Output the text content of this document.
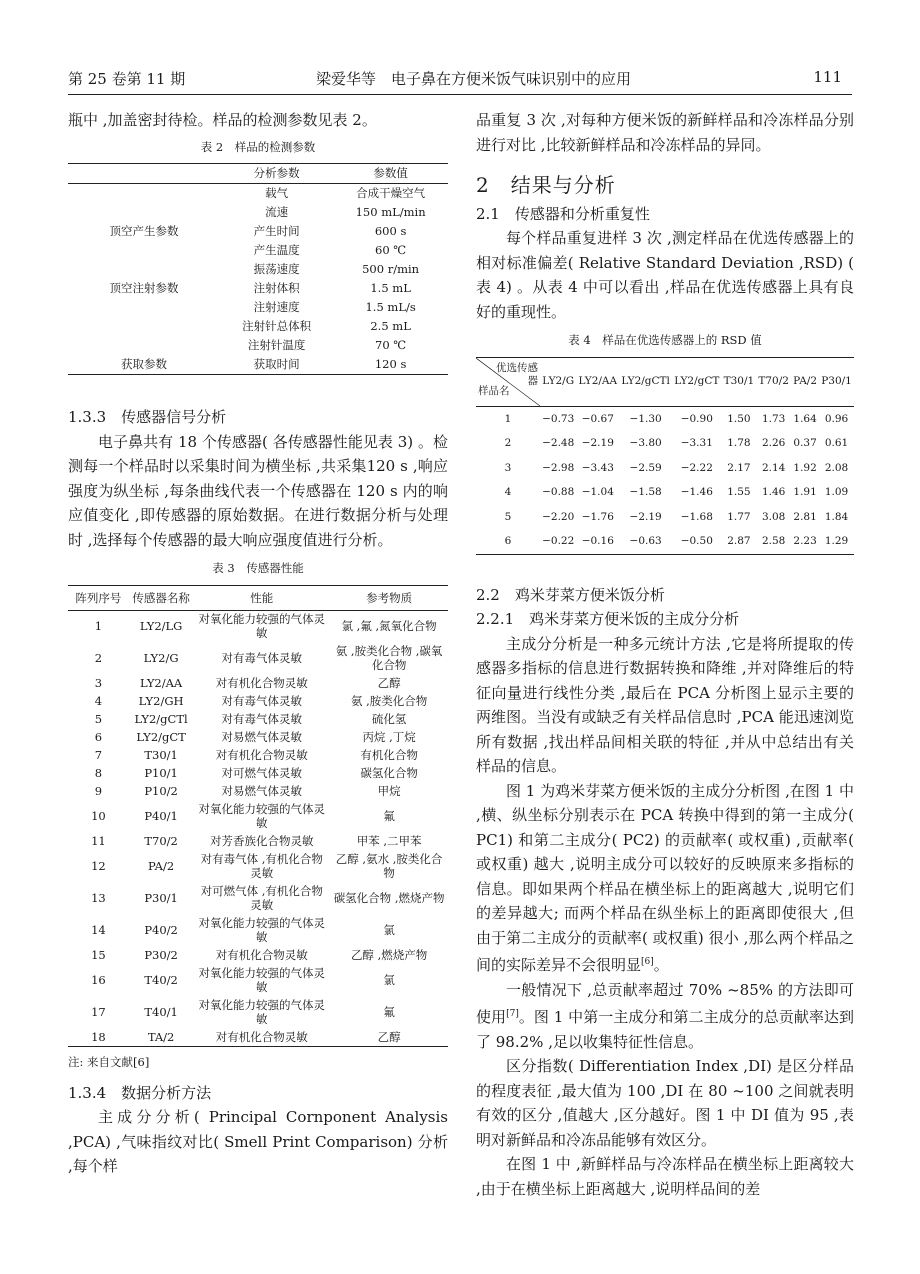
第 25 卷第 11 期	梁爱华等　电子鼻在方便米饭气味识别中的应用	111

瓶中 ,加盖密封待检。样品的检测参数见表 2。

表 2　样品的检测参数
	分析参数	参数值
	载气	合成干燥空气
	流速	150 mL/min
顶空产生参数	产生时间	600 s
	产生温度	60 ℃
	振荡速度	500 r/min
顶空注射参数	注射体积	1.5 mL
	注射速度	1.5 mL/s
	注射针总体积	2.5 mL
	注射针温度	70 ℃
获取参数	获取时间	120 s
1.3.3　传感器信号分析

电子鼻共有 18 个传感器( 各传感器性能见表 3) 。检测每一个样品时以采集时间为横坐标 ,共采集120 s ,响应强度为纵坐标 ,每条曲线代表一个传感器在 120 s 内的响应值变化 ,即传感器的原始数据。在进行数据分析与处理时 ,选择每个传感器的最大响应强度值进行分析。

表 3　传感器性能
阵列序号	传感器名称	性能	参考物质
1	LY2/LG	对氧化能力较强的气体灵敏	氯 ,氟 ,氮氧化合物
2	LY2/G	对有毒气体灵敏	氨 ,胺类化合物 ,碳氧化合物
3	LY2/AA	对有机化合物灵敏	乙醇
4	LY2/GH	对有毒气体灵敏	氨 ,胺类化合物
5	LY2/gCTl	对有毒气体灵敏	硫化氢
6	LY2/gCT	对易燃气体灵敏	丙烷 ,丁烷
7	T30/1	对有机化合物灵敏	有机化合物
8	P10/1	对可燃气体灵敏	碳氢化合物
9	P10/2	对易燃气体灵敏	甲烷
10	P40/1	对氧化能力较强的气体灵敏	氟
11	T70/2	对芳香族化合物灵敏	甲苯 ,二甲苯
12	PA/2	对有毒气体 ,有机化合物灵敏	乙醇 ,氨水 ,胺类化合物
13	P30/1	对可燃气体 ,有机化合物灵敏	碳氢化合物 ,燃烧产物
14	P40/2	对氧化能力较强的气体灵敏	氯
15	P30/2	对有机化合物灵敏	乙醇 ,燃烧产物
16	T40/2	对氧化能力较强的气体灵敏	氯
17	T40/1	对氧化能力较强的气体灵敏	氟
18	TA/2	对有机化合物灵敏	乙醇
注: 来自文献[6]
1.3.4　数据分析方法

主成分分析( Principal Cornponent Analysis ,PCA) ,气味指纹对比( Smell Print Comparison) 分析 ,每个样

品重复 3 次 ,对每种方便米饭的新鲜样品和冷冻样品分别进行对比 ,比较新鲜样品和冷冻样品的异同。

2　结果与分析
2.1　传感器和分析重复性

每个样品重复进样 3 次 ,测定样品在优选传感器上的相对标准偏差( Relative Standard Deviation ,RSD) ( 表 4) 。从表 4 中可以看出 ,样品在优选传感器上具有良好的重现性。

表 4　样品在优选传感器上的 RSD 值
优选传感器
样品名	LY2/G	LY2/AA	LY2/gCTl	LY2/gCT	T30/1	T70/2	PA/2	P30/1
1	−0.73	−0.67	−1.30	−0.90	1.50	1.73	1.64	0.96
2	−2.48	−2.19	−3.80	−3.31	1.78	2.26	0.37	0.61
3	−2.98	−3.43	−2.59	−2.22	2.17	2.14	1.92	2.08
4	−0.88	−1.04	−1.58	−1.46	1.55	1.46	1.91	1.09
5	−2.20	−1.76	−2.19	−1.68	1.77	3.08	2.81	1.84
6	−0.22	−0.16	−0.63	−0.50	2.87	2.58	2.23	1.29
2.2　鸡米芽菜方便米饭分析
2.2.1　鸡米芽菜方便米饭的主成分分析

主成分分析是一种多元统计方法 ,它是将所提取的传感器多指标的信息进行数据转换和降维 ,并对降维后的特征向量进行线性分类 ,最后在 PCA 分析图上显示主要的两维图。当没有或缺乏有关样品信息时 ,PCA 能迅速浏览所有数据 ,找出样品间相关联的特征 ,并从中总结出有关样品的信息。

图 1 为鸡米芽菜方便米饭的主成分分析图 ,在图 1 中 ,横、纵坐标分别表示在 PCA 转换中得到的第一主成分( PC1) 和第二主成分( PC2) 的贡献率( 或权重) ,贡献率( 或权重) 越大 ,说明主成分可以较好的反映原来多指标的信息。即如果两个样品在横坐标上的距离越大 ,说明它们的差异越大; 而两个样品在纵坐标上的距离即使很大 ,但由于第二主成分的贡献率( 或权重) 很小 ,那么两个样品之间的实际差异不会很明显[6]。

一般情况下 ,总贡献率超过 70% ~85% 的方法即可使用[7]。图 1 中第一主成分和第二主成分的总贡献率达到了 98.2% ,足以收集特征性信息。

区分指数( Differentiation Index ,DI) 是区分样品的程度表征 ,最大值为 100 ,DI 在 80 ~100 之间就表明有效的区分 ,值越大 ,区分越好。图 1 中 DI 值为 95 ,表明对新鲜品和冷冻品能够有效区分。

在图 1 中 ,新鲜样品与冷冻样品在横坐标上距离较大 ,由于在横坐标上距离越大 ,说明样品间的差
